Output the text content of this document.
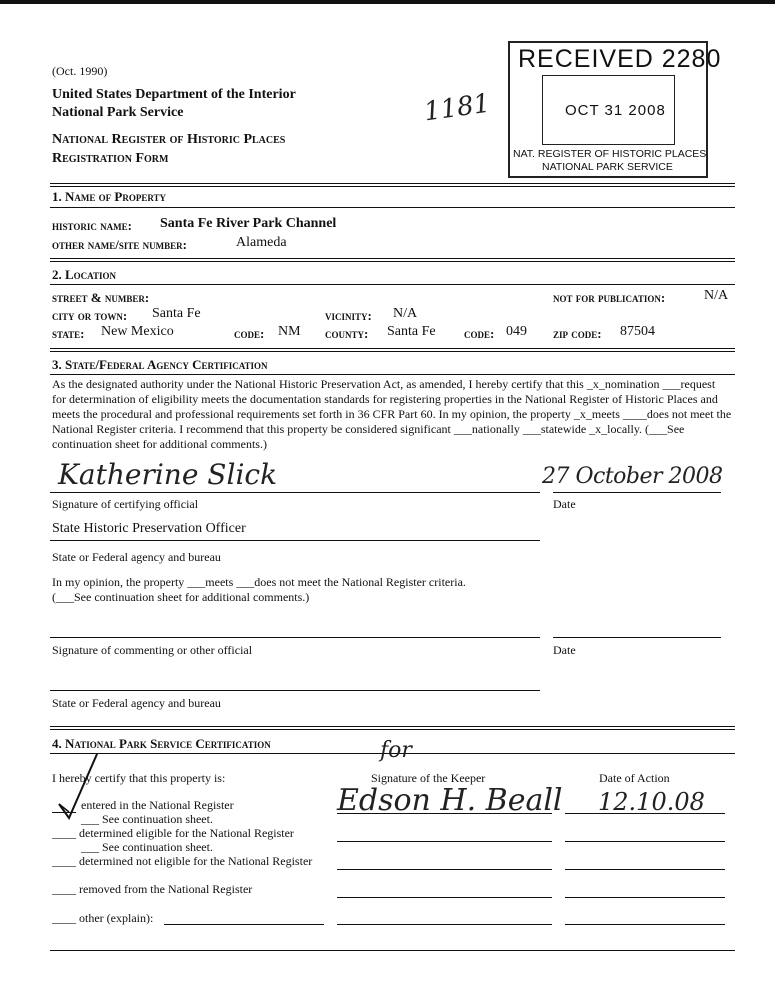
(Oct. 1990)
United States Department of the Interior
National Park Service
National Register of Historic Places
Registration Form
1181
RECEIVED 2280
OCT 31 2008
NAT. REGISTER OF HISTORIC PLACES
NATIONAL PARK SERVICE
1. Name of Property
historic name: Santa Fe River Park Channel
other name/site number:	Alameda
2. Location
street & number:	not for publication:	N/A
city or town: Santa Fe	vicinity: N/A
state: New Mexico	code: NM county: Santa Fe code: 049 zip code: 87504
3. State/Federal Agency Certification
As the designated authority under the National Historic Preservation Act, as amended, I hereby certify that this _x_nomination ___request for determination of eligibility meets the documentation standards for registering properties in the National Register of Historic Places and meets the procedural and professional requirements set forth in 36 CFR Part 60. In my opinion, the property _x_meets ____does not meet the National Register criteria. I recommend that this property be considered significant ___nationally ___statewide _x_locally. (___See continuation sheet for additional comments.)
Katherine Slick	27 October 2008
Signature of certifying official	Date
State Historic Preservation Officer
State or Federal agency and bureau
In my opinion, the property ___meets ___does not meet the National Register criteria.
(___See continuation sheet for additional comments.)
Signature of commenting or other official	Date
State or Federal agency and bureau
4. National Park Service Certification
I hereby certify that this property is:	Signature of the Keeper	Date of Action
for
Edson H. Beall 12.10.08
entered in the National Register
___ See continuation sheet.
____ determined eligible for the National Register
___ See continuation sheet.
____ determined not eligible for the National Register
____ removed from the National Register
____ other (explain):
